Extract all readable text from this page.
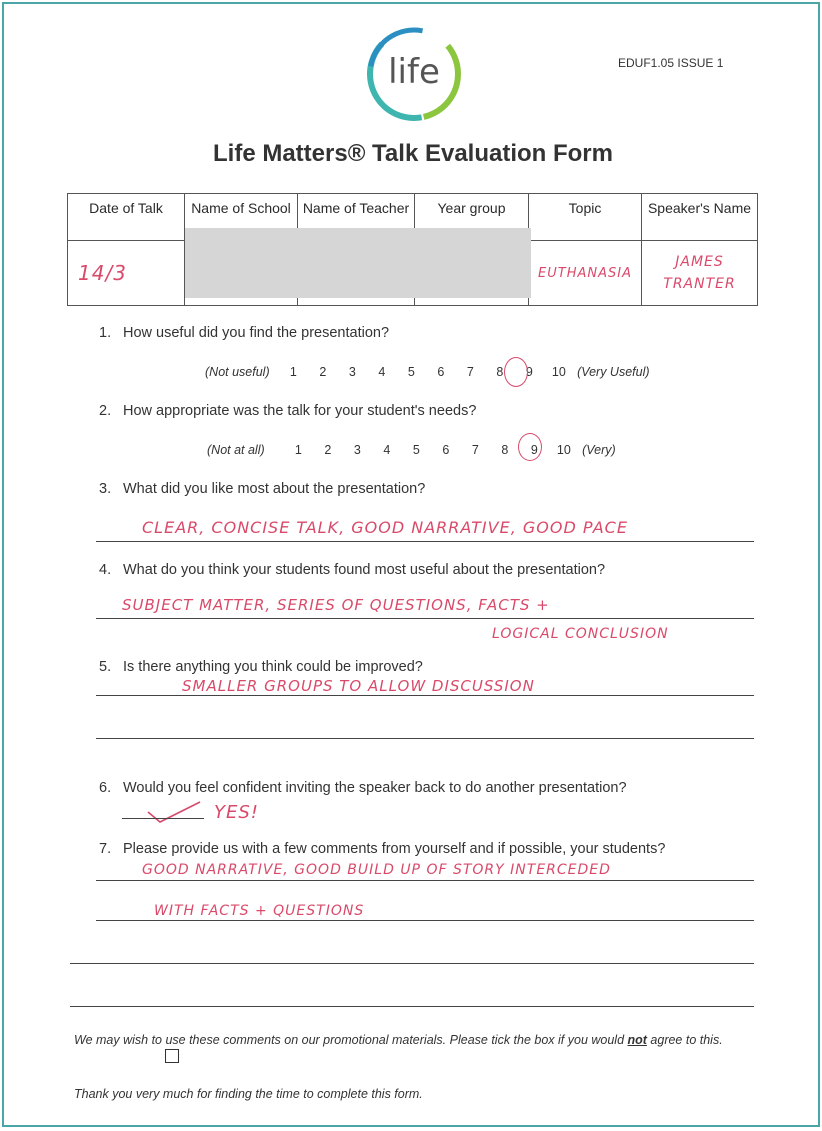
life	EDUF1.05 ISSUE 1
Life Matters® Talk Evaluation Form
Date of Talk	Name of School	Name of Teacher	Year group	Topic	Speaker's Name

14/3				EUTHANASIA	JAMES TRANTER
1. How useful did you find the presentation?
(Not useful) 1 2 3 4 5 6 7 8 9 10 (Very Useful)
2. How appropriate was the talk for your student's needs?
(Not at all) 1 2 3 4 5 6 7 8 9 10 (Very)
3. What did you like most about the presentation?
CLEAR, CONCISE TALK, GOOD NARRATIVE, GOOD PACE
4. What do you think your students found most useful about the presentation?
SUBJECT MATTER, SERIES OF QUESTIONS, FACTS +
LOGICAL CONCLUSION
5. Is there anything you think could be improved?
SMALLER GROUPS TO ALLOW DISCUSSION
6. Would you feel confident inviting the speaker back to do another presentation?
YES!
7. Please provide us with a few comments from yourself and if possible, your students?
GOOD NARRATIVE, GOOD BUILD UP OF STORY INTERCEDED
WITH FACTS + QUESTIONS
We may wish to use these comments on our promotional materials. Please tick the box if you would not agree to this.
Thank you very much for finding the time to complete this form.
